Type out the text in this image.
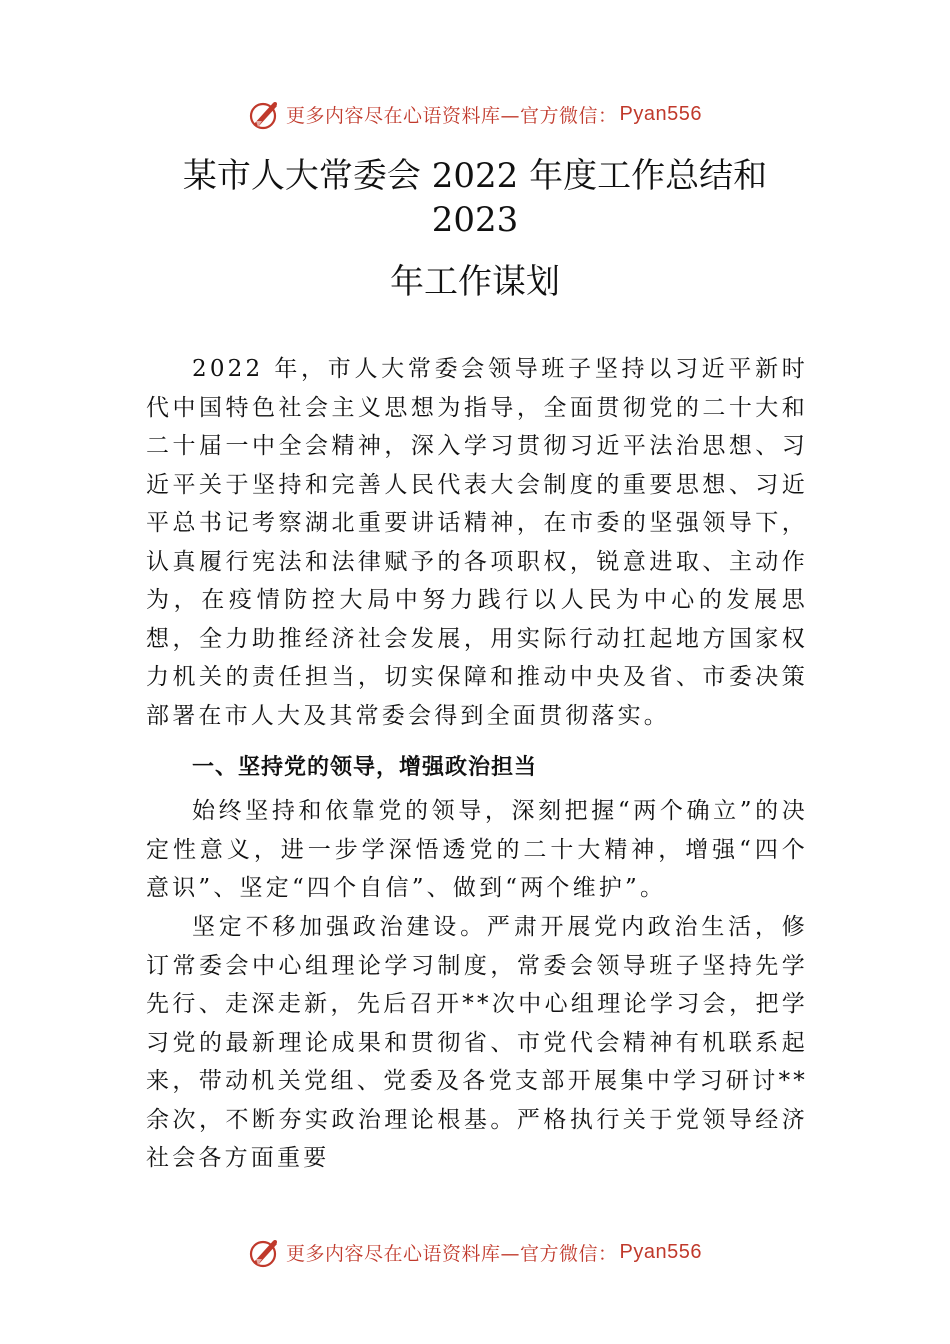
更多内容尽在心语资料库—官方微信： Pyan556
某市人大常委会 2022 年度工作总结和
2023
年工作谋划

2022 年，市人大常委会领导班子坚持以习近平新时代中国特色社会主义思想为指导，全面贯彻党的二十大和二十届一中全会精神，深入学习贯彻习近平法治思想、习近平关于坚持和完善人民代表大会制度的重要思想、习近平总书记考察湖北重要讲话精神，在市委的坚强领导下，认真履行宪法和法律赋予的各项职权，锐意进取、主动作为，在疫情防控大局中努力践行以人民为中心的发展思想，全力助推经济社会发展，用实际行动扛起地方国家权力机关的责任担当，切实保障和推动中央及省、市委决策部署在市人大及其常委会得到全面贯彻落实。

一、坚持党的领导，增强政治担当

始终坚持和依靠党的领导，深刻把握“两个确立”的决定性意义，进一步学深悟透党的二十大精神，增强“四个意识”、坚定“四个自信”、做到“两个维护”。

坚定不移加强政治建设。严肃开展党内政治生活，修订常委会中心组理论学习制度，常委会领导班子坚持先学先行、走深走新，先后召开**次中心组理论学习会，把学习党的最新理论成果和贯彻省、市党代会精神有机联系起来，带动机关党组、党委及各党支部开展集中学习研讨**余次，不断夯实政治理论根基。严格执行关于党领导经济社会各方面重要

更多内容尽在心语资料库—官方微信： Pyan556
